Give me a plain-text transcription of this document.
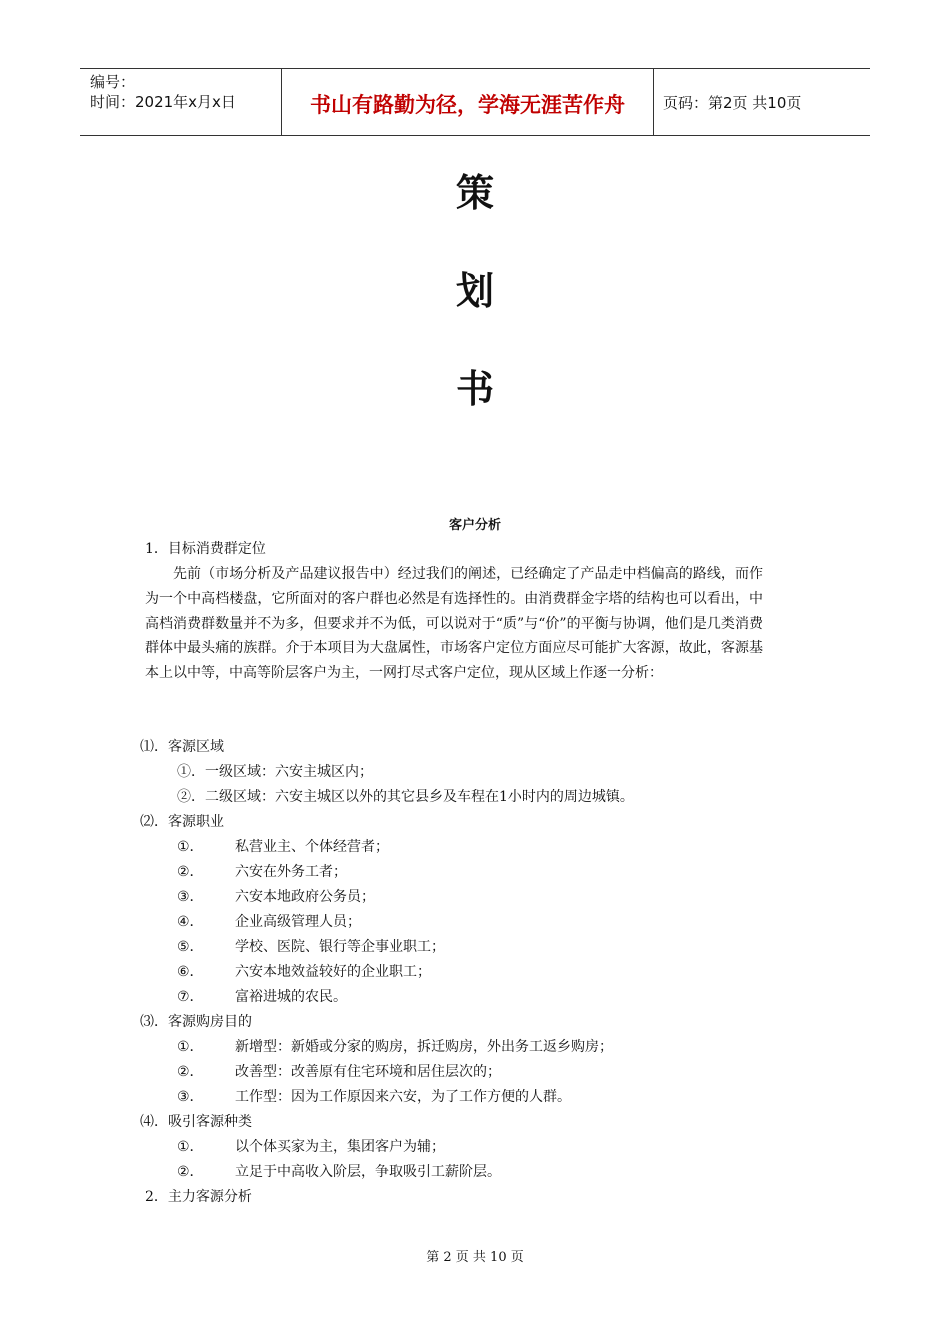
编号：
时间：2021年x月x日	书山有路勤为径，学海无涯苦作舟	页码：第2页 共10页
策
划
书
客户分析
1．目标消费群定位
先前（市场分析及产品建议报告中）经过我们的阐述，已经确定了产品走中档偏高的路线，而作为一个中高档楼盘，它所面对的客户群也必然是有选择性的。由消费群金字塔的结构也可以看出，中高档消费群数量并不为多，但要求并不为低，可以说对于“质”与“价”的平衡与协调，他们是几类消费群体中最头痛的族群。介于本项目为大盘属性，市场客户定位方面应尽可能扩大客源，故此，客源基本上以中等，中高等阶层客户为主，一网打尽式客户定位，现从区域上作逐一分析：
⑴．客源区域
①．一级区域：六安主城区内；
②．二级区域：六安主城区以外的其它县乡及车程在1小时内的周边城镇。
⑵．客源职业
①． 私营业主、个体经营者；
②． 六安在外务工者；
③． 六安本地政府公务员；
④． 企业高级管理人员；
⑤． 学校、医院、银行等企事业职工；
⑥． 六安本地效益较好的企业职工；
⑦． 富裕进城的农民。
⑶．客源购房目的
①． 新增型：新婚或分家的购房，拆迁购房，外出务工返乡购房；
②． 改善型：改善原有住宅环境和居住层次的；
③． 工作型：因为工作原因来六安，为了工作方便的人群。
⑷．吸引客源种类
①． 以个体买家为主，集团客户为辅；
②． 立足于中高收入阶层，争取吸引工薪阶层。
2．主力客源分析
第 2 页 共 10 页
